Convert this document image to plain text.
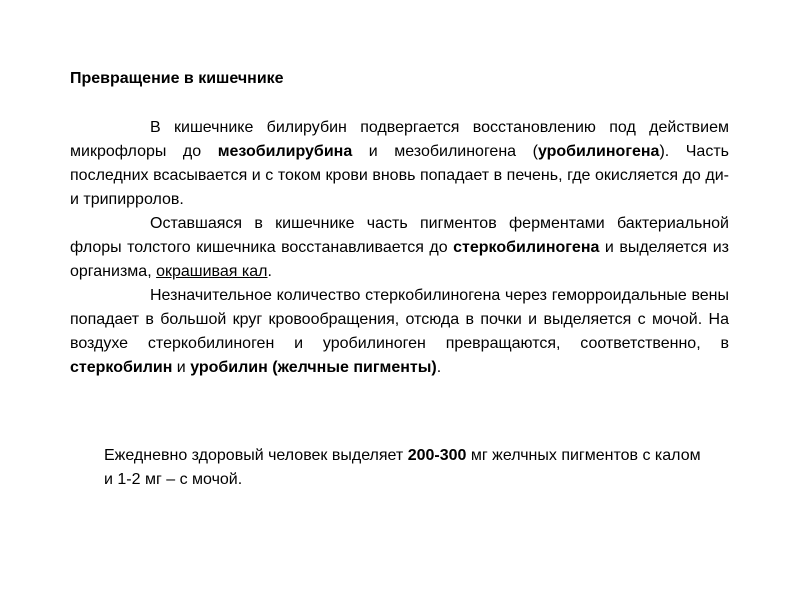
Превращение в кишечнике

В кишечнике билирубин подвергается восстановлению под действием микрофлоры до мезобилирубина и мезобилиногена (уробилиногена). Часть последних всасывается и с током крови вновь попадает в печень, где окисляется до ди- и трипирролов.

Оставшаяся в кишечнике часть пигментов ферментами бактериальной флоры толстого кишечника восстанавливается до стеркобилиногена и выделяется из организма, окрашивая кал.

Незначительное количество стеркобилиногена через геморроидальные вены попадает в большой круг кровообращения, отсюда в почки и выделяется с мочой. На воздухе стеркобилиноген и уробилиноген превращаются, соответственно, в стеркобилин и уробилин (желчные пигменты).

Ежедневно здоровый человек выделяет 200-300 мг желчных пигментов с калом и 1-2 мг – с мочой.
